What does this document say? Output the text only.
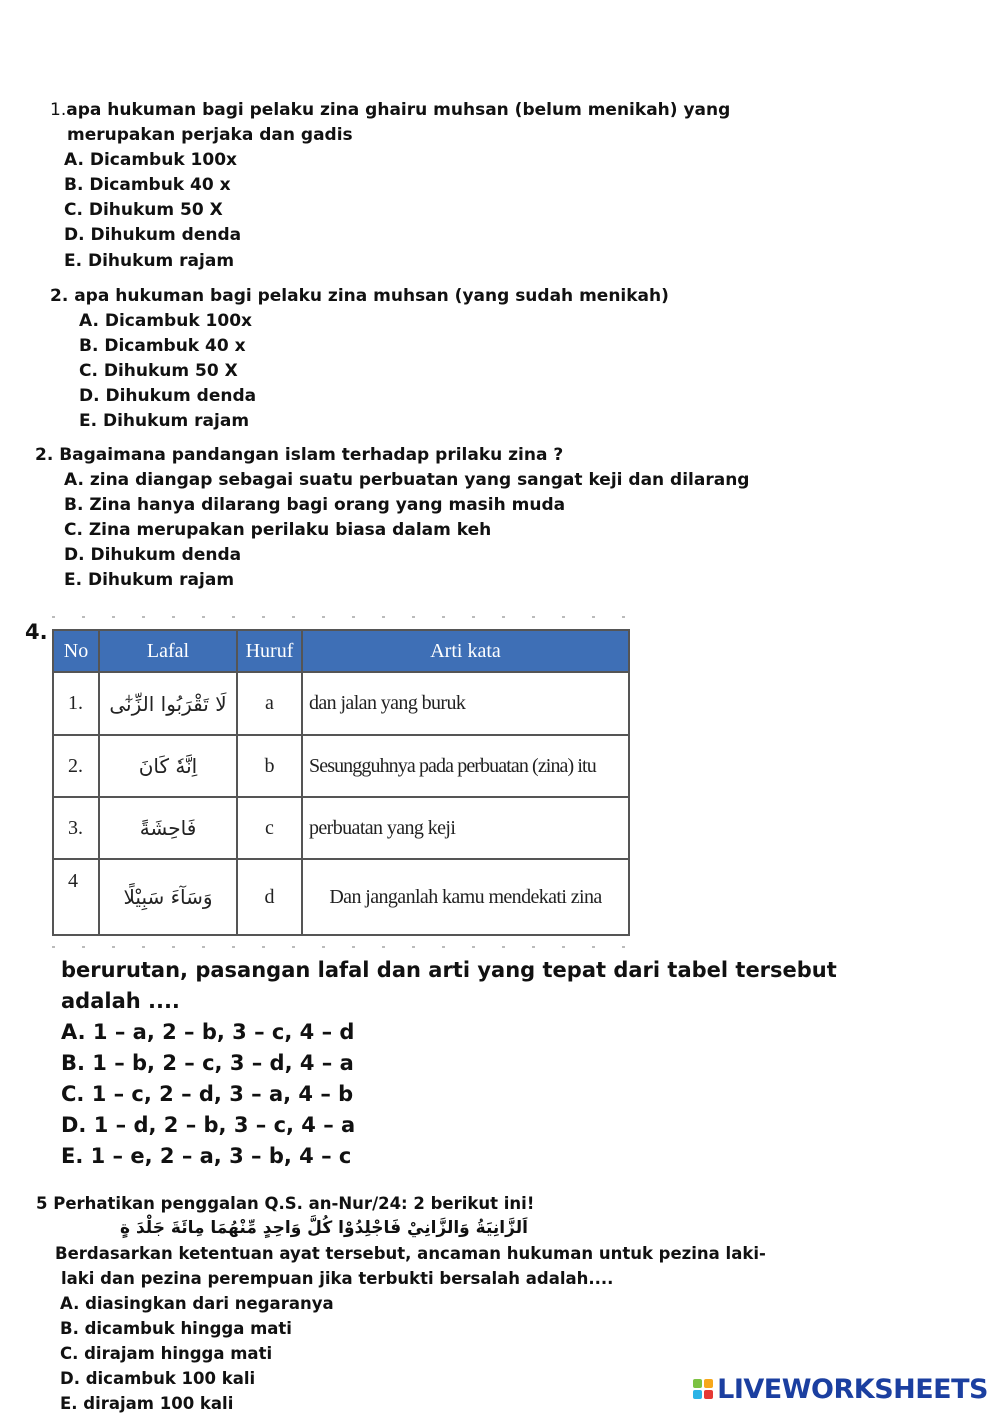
1.apa hukuman bagi pelaku zina ghairu muhsan (belum menikah) yang
merupakan perjaka dan gadis
A. Dicambuk 100x
B. Dicambuk 40 x
C. Dihukum 50 X
D. Dihukum denda
E. Dihukum rajam
2. apa hukuman bagi pelaku zina muhsan (yang sudah menikah)
A. Dicambuk 100x
B. Dicambuk 40 x
C. Dihukum 50 X
D. Dihukum denda
E. Dihukum rajam
2. Bagaimana pandangan islam terhadap prilaku zina ?
A. zina diangap sebagai suatu perbuatan yang sangat keji dan dilarang
B. Zina hanya dilarang bagi orang yang masih muda
C. Zina merupakan perilaku biasa dalam keh
D. Dihukum denda
E. Dihukum rajam
4.
No	Lafal	Huruf	Arti kata
1.	لَا تَقْرَبُوا الزِّنٰٓى	a	dan jalan yang buruk
2.	اِنَّهٗ كَانَ	b	Sesungguhnya pada perbuatan (zina) itu
3.	فَاحِشَةً	c	perbuatan yang keji
4	وَسَآءَ سَبِيْلًا	d	Dan janganlah kamu mendekati zina
berurutan, pasangan lafal dan arti yang tepat dari tabel tersebut
adalah ....
A. 1 – a, 2 – b, 3 – c, 4 – d
B. 1 – b, 2 – c, 3 – d, 4 – a
C. 1 – c, 2 – d, 3 – a, 4 – b
D. 1 – d, 2 – b, 3 – c, 4 – a
E. 1 – e, 2 – a, 3 – b, 4 – c
5 Perhatikan penggalan Q.S. an-Nur/24: 2 berikut ini!
اَلزَّانِيَةُ وَالزَّانِيْ فَاجْلِدُوْا كُلَّ وَاحِدٍ مِّنْهُمَا مِائَةَ جَلْدَ ةٍ
Berdasarkan ketentuan ayat tersebut, ancaman hukuman untuk pezina laki-
laki dan pezina perempuan jika terbukti bersalah adalah....
A. diasingkan dari negaranya
B. dicambuk hingga mati
C. dirajam hingga mati
D. dicambuk 100 kali
E. dirajam 100 kali	LIVEWORKSHEETS
